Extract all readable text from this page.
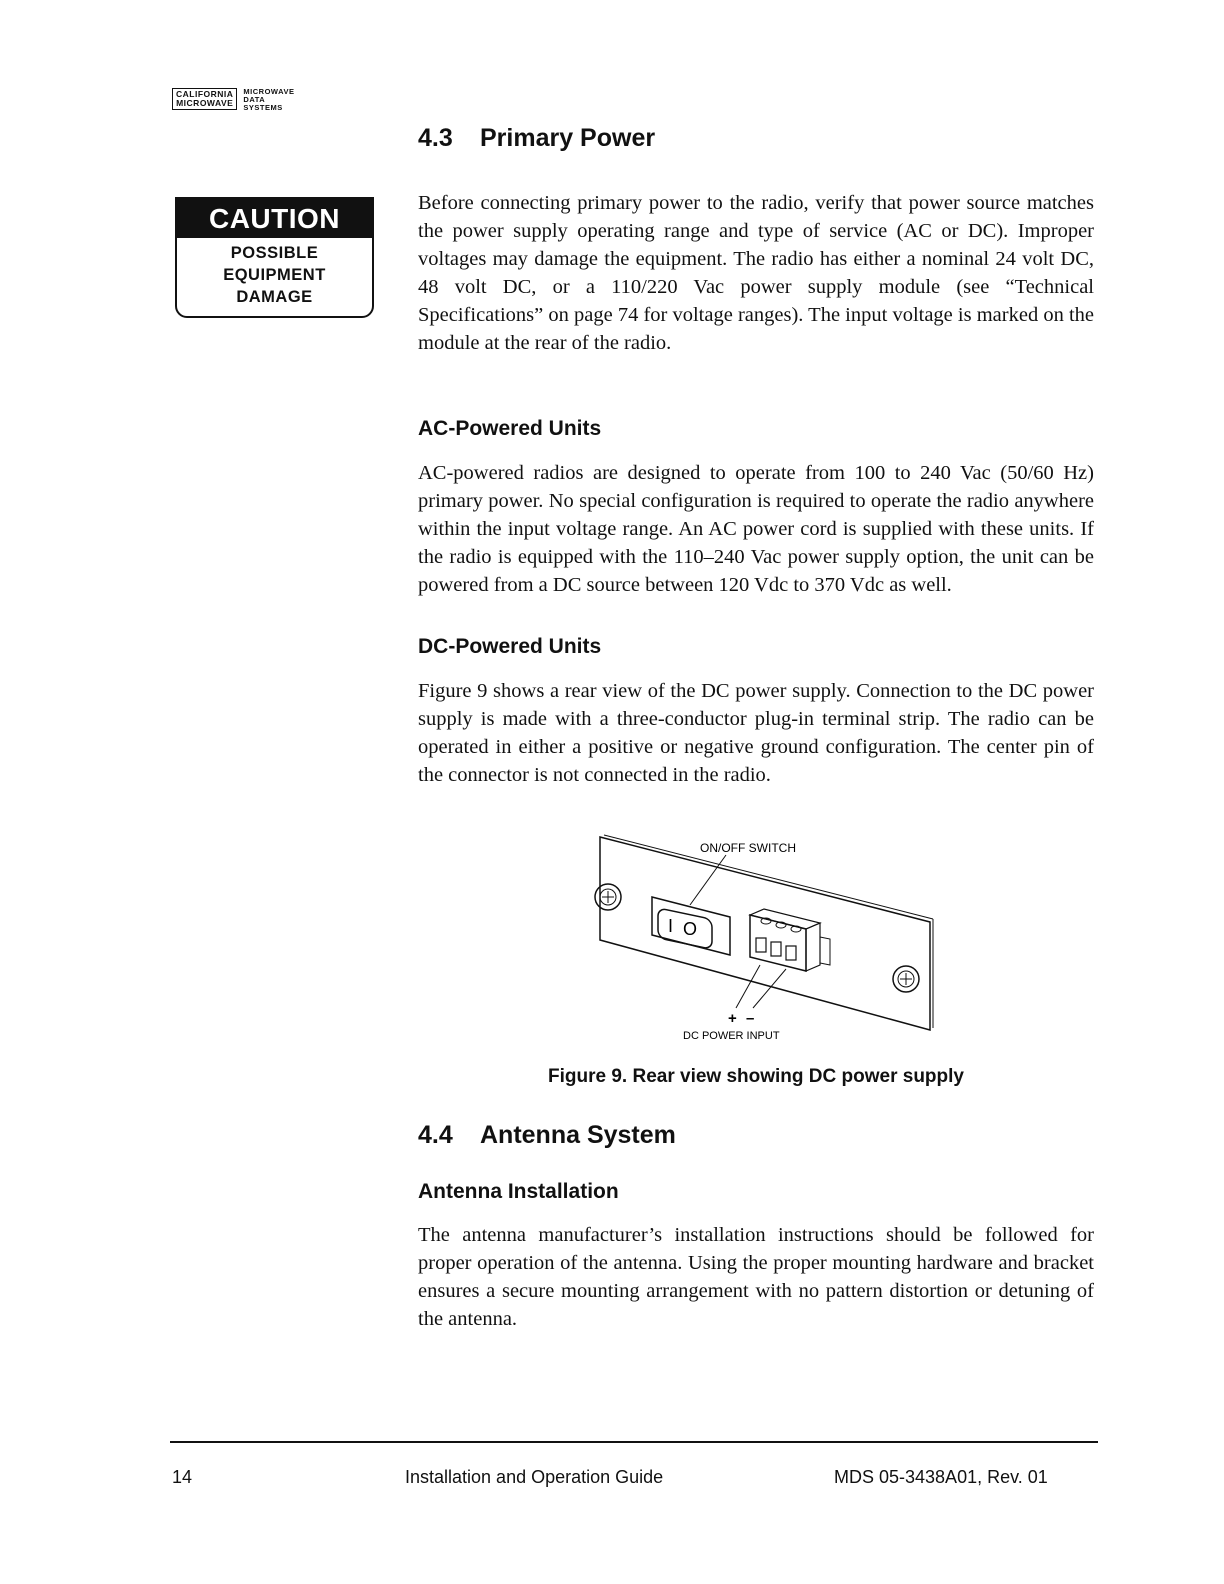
CALIFORNIA
MICROWAVE
MICROWAVE
DATA
SYSTEMS
CAUTION
POSSIBLE
EQUIPMENT
DAMAGE
4.3 Primary Power

Before connecting primary power to the radio, verify that power source matches the power supply operating range and type of service (AC or DC). Improper voltages may damage the equipment. The radio has either a nominal 24 volt DC, 48 volt DC, or a 110/220 Vac power supply module (see “Technical Specifications” on page 74 for voltage ranges). The input voltage is marked on the module at the rear of the radio.

AC-Powered Units

AC-powered radios are designed to operate from 100 to 240 Vac (50/60 Hz) primary power. No special configuration is required to operate the radio anywhere within the input voltage range. An AC power cord is supplied with these units. If the radio is equipped with the 110–240 Vac power supply option, the unit can be powered from a DC source between 120 Vdc to 370 Vdc as well.

DC-Powered Units

Figure 9 shows a rear view of the DC power supply. Connection to the DC power supply is made with a three-conductor plug-in terminal strip. The radio can be operated in either a positive or negative ground configuration. The center pin of the connector is not connected in the radio.

I O
ON/OFF SWITCH
+ –
DC POWER INPUT
Figure 9. Rear view showing DC power supply
4.4 Antenna System
Antenna Installation

The antenna manufacturer’s installation instructions should be followed for proper operation of the antenna. Using the proper mounting hardware and bracket ensures a secure mounting arrangement with no pattern distortion or detuning of the antenna.

14	Installation and Operation Guide	MDS 05-3438A01, Rev. 01
